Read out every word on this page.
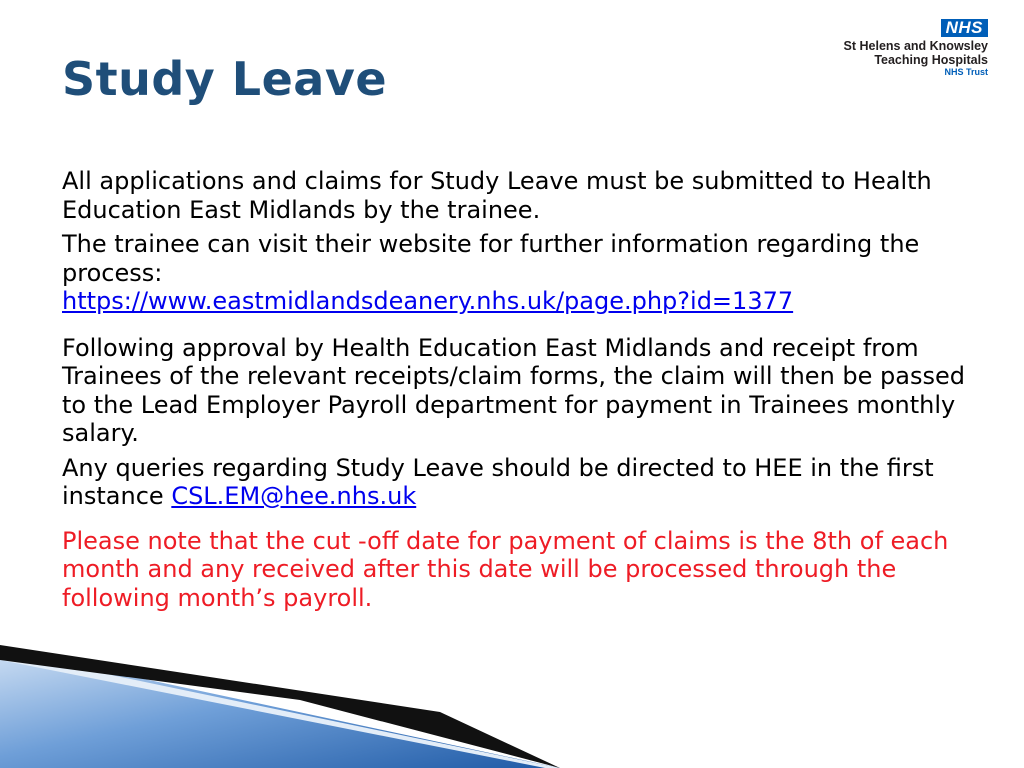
NHS
St Helens and Knowsley
Teaching Hospitals
NHS Trust
Study Leave

All applications and claims for Study Leave must be submitted to Health Education East Midlands by the trainee.

The trainee can visit their website for further information regarding the process:
https://www.eastmidlandsdeanery.nhs.uk/page.php?id=1377

Following approval by Health Education East Midlands and receipt from Trainees of the relevant receipts/claim forms, the claim will then be passed to the Lead Employer Payroll department for payment in Trainees monthly salary.

Any queries regarding Study Leave should be directed to HEE in the first instance CSL.EM@hee.nhs.uk

Please note that the cut -off date for payment of claims is the 8th of each month and any received after this date will be processed through the following month’s payroll.
